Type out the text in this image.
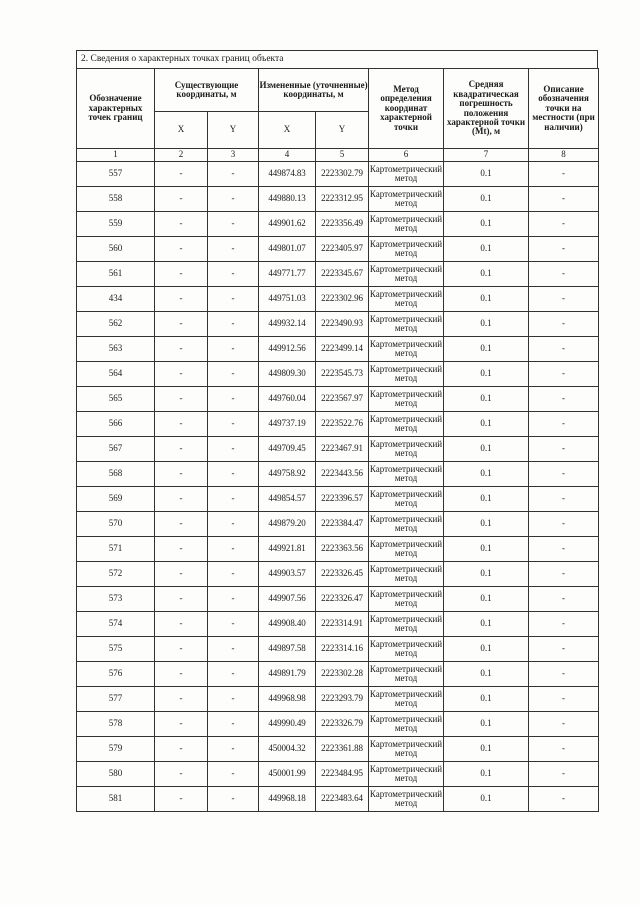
2. Сведения о характерных точках границ объекта
Обозначение характерных точек границ	Существующие координаты, м		Измененные (уточненные) координаты, м		Метод определения координат характерной точки	Средняя квадратическая погрешность положения характерной точки (Mt), м	Описание обозначения точки на местности (при наличии)
	X	Y	X	Y			
1	2	3	4	5	6	7	8
557	-	-	449874.83	2223302.79	Картометрический метод	0.1	-
558	-	-	449880.13	2223312.95	Картометрический метод	0.1	-
559	-	-	449901.62	2223356.49	Картометрический метод	0.1	-
560	-	-	449801.07	2223405.97	Картометрический метод	0.1	-
561	-	-	449771.77	2223345.67	Картометрический метод	0.1	-
434	-	-	449751.03	2223302.96	Картометрический метод	0.1	-
562	-	-	449932.14	2223490.93	Картометрический метод	0.1	-
563	-	-	449912.56	2223499.14	Картометрический метод	0.1	-
564	-	-	449809.30	2223545.73	Картометрический метод	0.1	-
565	-	-	449760.04	2223567.97	Картометрический метод	0.1	-
566	-	-	449737.19	2223522.76	Картометрический метод	0.1	-
567	-	-	449709.45	2223467.91	Картометрический метод	0.1	-
568	-	-	449758.92	2223443.56	Картометрический метод	0.1	-
569	-	-	449854.57	2223396.57	Картометрический метод	0.1	-
570	-	-	449879.20	2223384.47	Картометрический метод	0.1	-
571	-	-	449921.81	2223363.56	Картометрический метод	0.1	-
572	-	-	449903.57	2223326.45	Картометрический метод	0.1	-
573	-	-	449907.56	2223326.47	Картометрический метод	0.1	-
574	-	-	449908.40	2223314.91	Картометрический метод	0.1	-
575	-	-	449897.58	2223314.16	Картометрический метод	0.1	-
576	-	-	449891.79	2223302.28	Картометрический метод	0.1	-
577	-	-	449968.98	2223293.79	Картометрический метод	0.1	-
578	-	-	449990.49	2223326.79	Картометрический метод	0.1	-
579	-	-	450004.32	2223361.88	Картометрический метод	0.1	-
580	-	-	450001.99	2223484.95	Картометрический метод	0.1	-
581	-	-	449968.18	2223483.64	Картометрический метод	0.1	-
